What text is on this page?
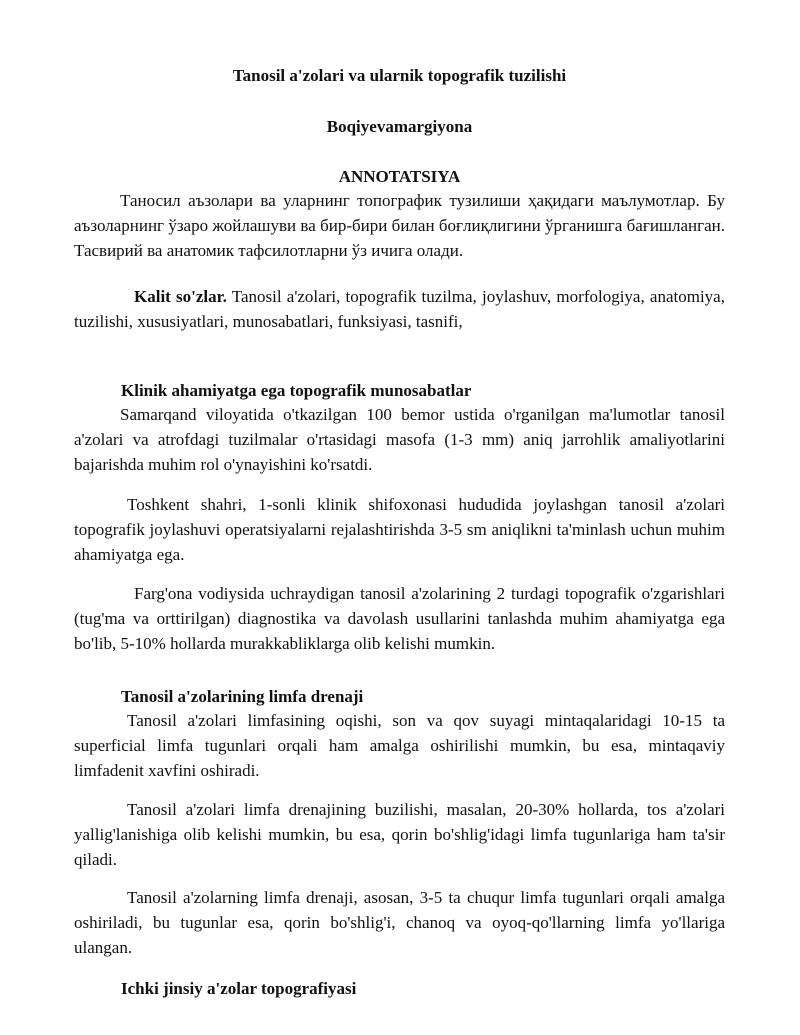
Tanosil a'zolari va ularnik topografik tuzilishi
Boqiyevamargiyona
ANNOTATSIYA
Таносил аъзолари ва уларнинг топографик тузилиши ҳақидаги маълумотлар. Бу аъзоларнинг ўзаро жойлашуви ва бир-бири билан боғлиқлигини ўрганишга бағишланган. Тасвирий ва анатомик тафсилотларни ўз ичига олади.
Kalit so'zlar. Tanosil a'zolari, topografik tuzilma, joylashuv, morfologiya, anatomiya, tuzilishi, xususiyatlari, munosabatlari, funksiyasi, tasnifi,
Klinik ahamiyatga ega topografik munosabatlar
Samarqand viloyatida o'tkazilgan 100 bemor ustida o'rganilgan ma'lumotlar tanosil a'zolari va atrofdagi tuzilmalar o'rtasidagi masofa (1-3 mm) aniq jarrohlik amaliyotlarini bajarishda muhim rol o'ynayishini ko'rsatdi.
Toshkent shahri, 1-sonli klinik shifoxonasi hududida joylashgan tanosil a'zolari topografik joylashuvi operatsiyalarni rejalashtirishda 3-5 sm aniqlikni ta'minlash uchun muhim ahamiyatga ega.
Farg'ona vodiysida uchraydigan tanosil a'zolarining 2 turdagi topografik o'zgarishlari (tug'ma va orttirilgan) diagnostika va davolash usullarini tanlashda muhim ahamiyatga ega bo'lib, 5-10% hollarda murakkabliklarga olib kelishi mumkin.
Tanosil a'zolarining limfa drenaji
Tanosil a'zolari limfasining oqishi, son va qov suyagi mintaqalaridagi 10-15 ta superficial limfa tugunlari orqali ham amalga oshirilishi mumkin, bu esa, mintaqaviy limfadenit xavfini oshiradi.
Tanosil a'zolari limfa drenajining buzilishi, masalan, 20-30% hollarda, tos a'zolari yallig'lanishiga olib kelishi mumkin, bu esa, qorin bo'shlig'idagi limfa tugunlariga ham ta'sir qiladi.
Tanosil a'zolarning limfa drenaji, asosan, 3-5 ta chuqur limfa tugunlari orqali amalga oshiriladi, bu tugunlar esa, qorin bo'shlig'i, chanoq va oyoq-qo'llarning limfa yo'llariga ulangan.
Ichki jinsiy a'zolar topografiyasi
